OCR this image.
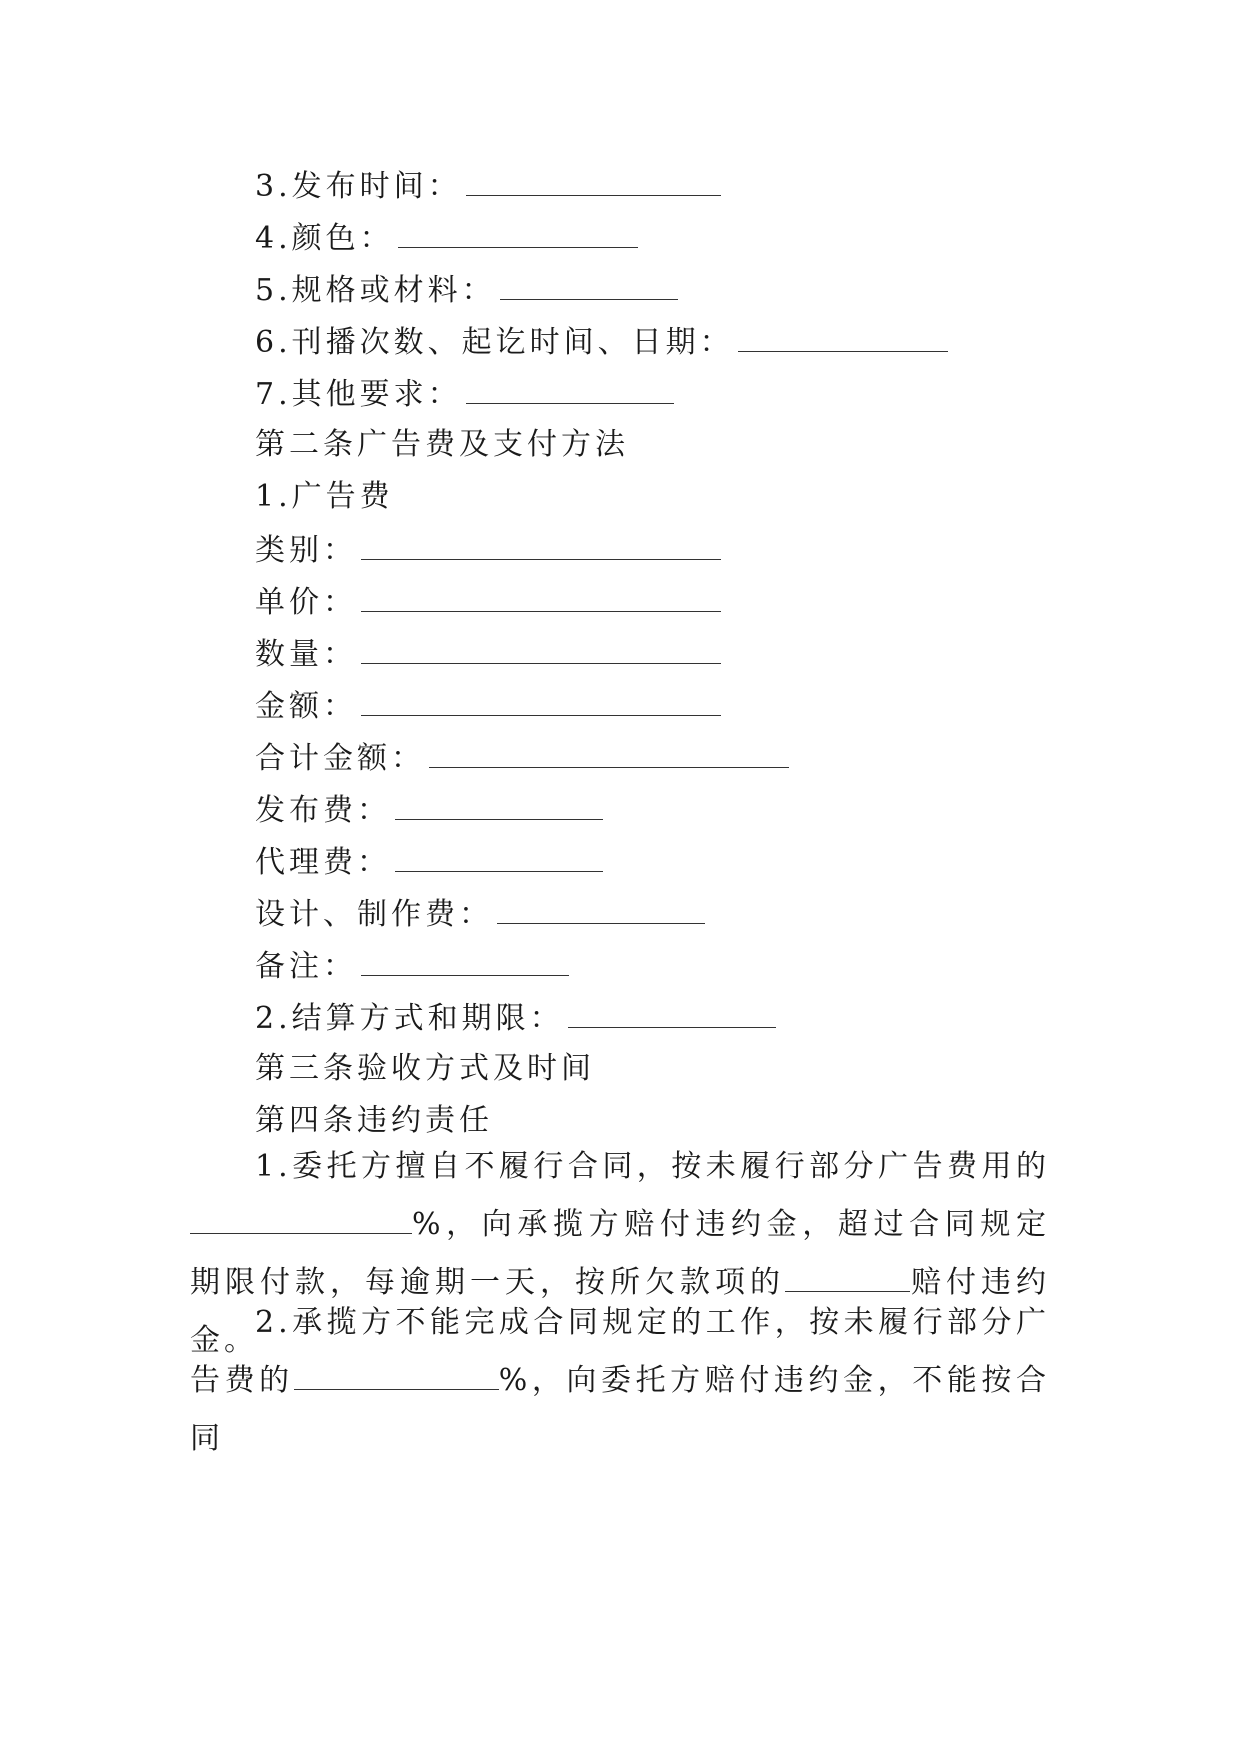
3.发布时间：
4.颜色：
5.规格或材料：
6.刊播次数、起讫时间、日期：
7.其他要求：
第二条广告费及支付方法
1.广告费
类别：
单价：
数量：
金额：
合计金额：
发布费：
代理费：
设计、制作费：
备注：
2.结算方式和期限：
第三条验收方式及时间
第四条违约责任
1.委托方擅自不履行合同，按未履行部分广告费用的%，向承揽方赔付违约金，超过合同规定期限付款，每逾期一天，按所欠款项的	赔付违约金。
2.承揽方不能完成合同规定的工作，按未履行部分广告费的	%，向委托方赔付违约金，不能按合同
